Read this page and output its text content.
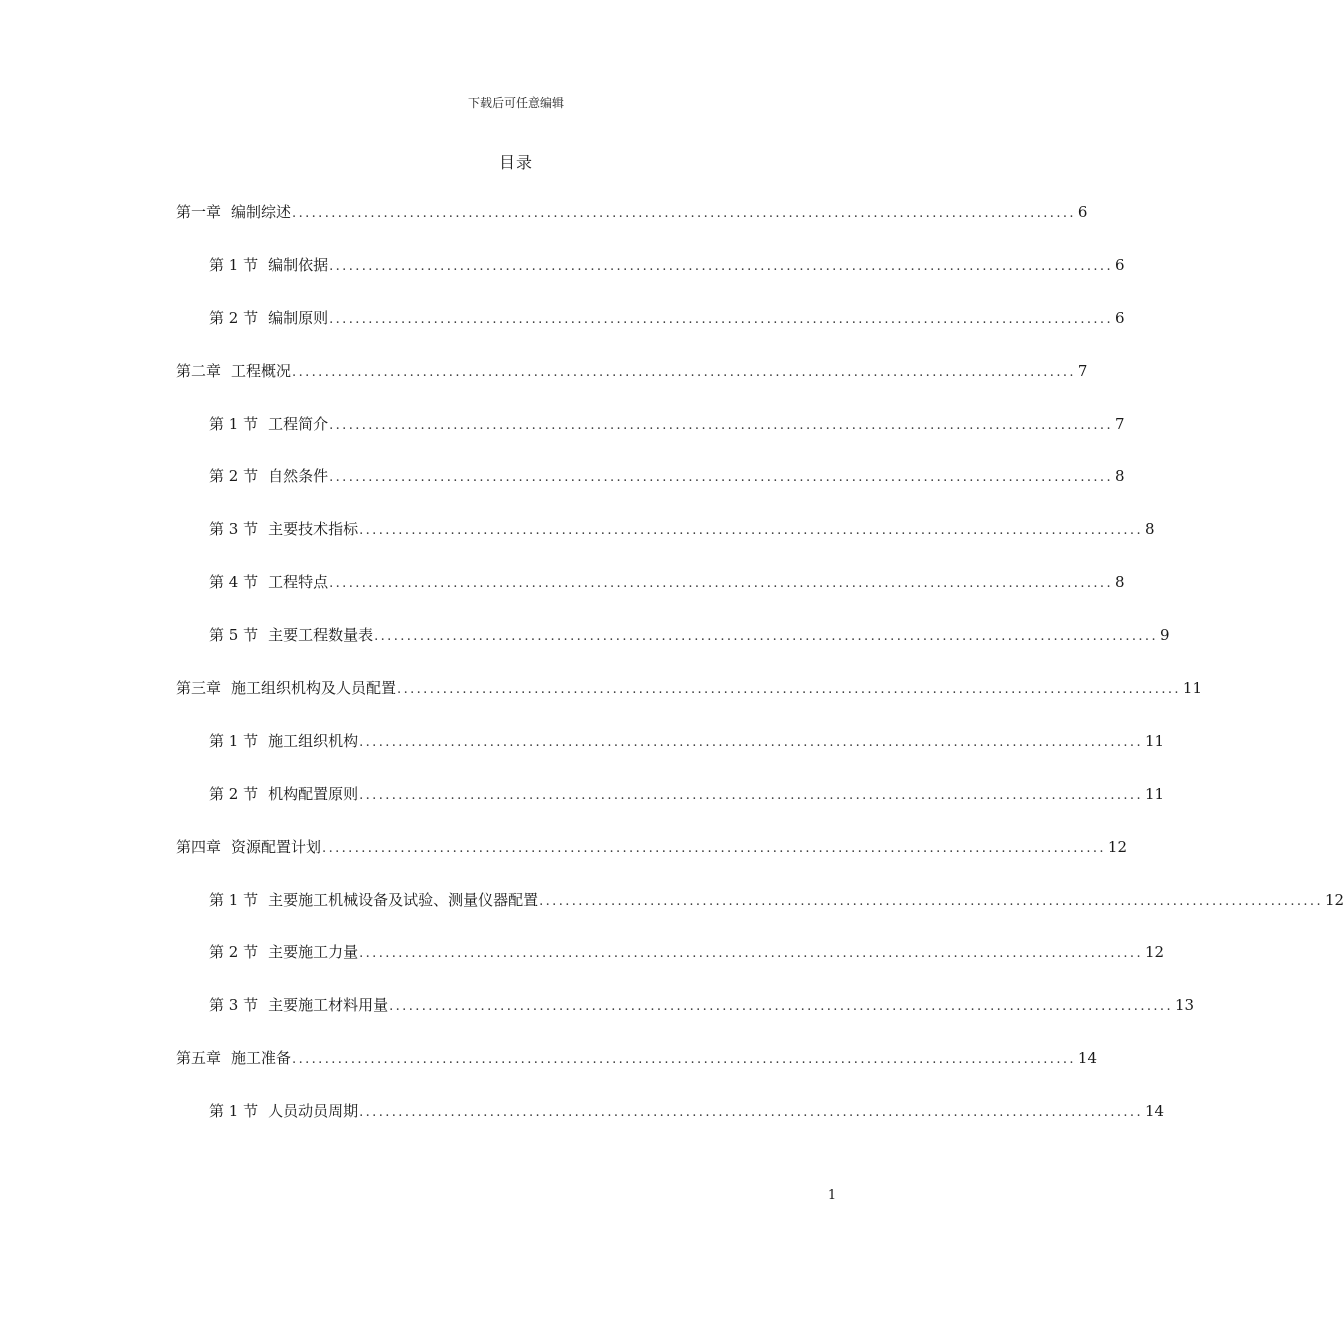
下载后可任意编辑
目录
第一章 编制综述 ........................................................................................................................ 6
第 1 节 编制依据 ........................................................................................................................ 6
第 2 节 编制原则 ........................................................................................................................ 6
第二章 工程概况 ........................................................................................................................ 7
第 1 节 工程简介 ........................................................................................................................ 7
第 2 节 自然条件 ........................................................................................................................ 8
第 3 节 主要技术指标 ........................................................................................................................ 8
第 4 节 工程特点 ........................................................................................................................ 8
第 5 节 主要工程数量表 ........................................................................................................................ 9
第三章 施工组织机构及人员配置 ........................................................................................................................ 11
第 1 节 施工组织机构 ........................................................................................................................ 11
第 2 节 机构配置原则 ........................................................................................................................ 11
第四章 资源配置计划 ........................................................................................................................ 12
第 1 节 主要施工机械设备及试验、测量仪器配置 ........................................................................................................................ 12
第 2 节 主要施工力量 ........................................................................................................................ 12
第 3 节 主要施工材料用量 ........................................................................................................................ 13
第五章 施工准备 ........................................................................................................................ 14
第 1 节 人员动员周期 ........................................................................................................................ 14
1
